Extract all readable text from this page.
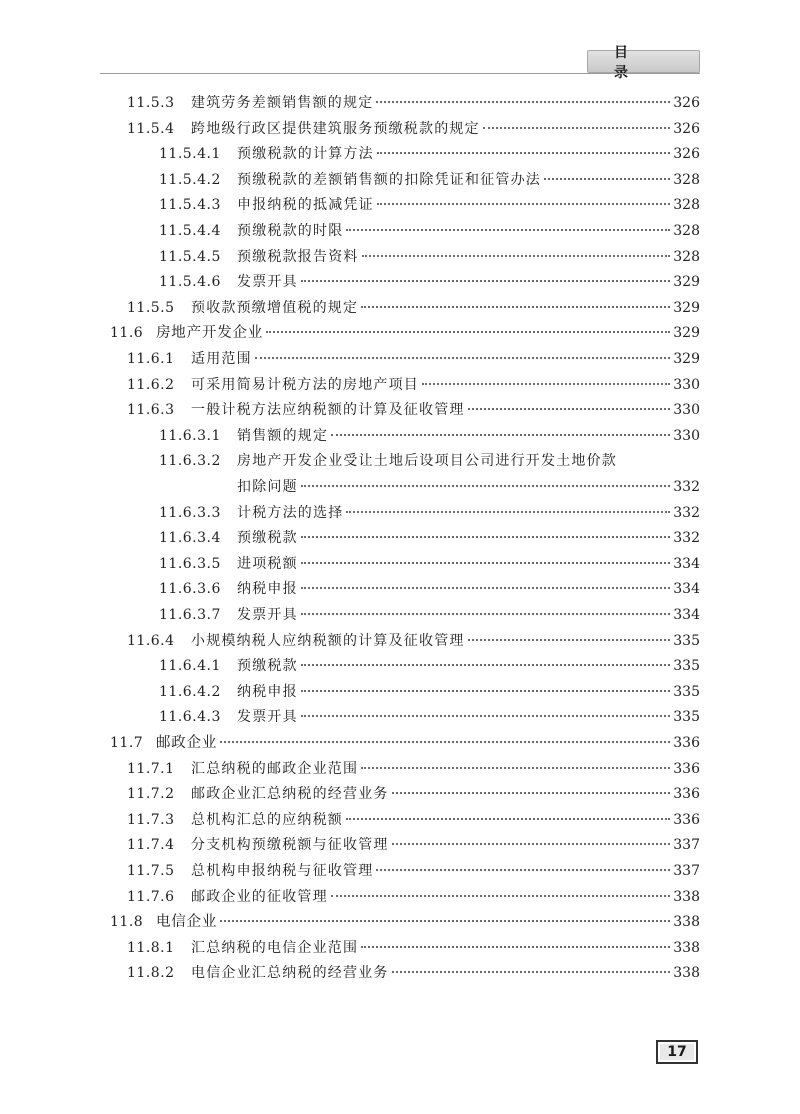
目 录
11.5.3	建筑劳务差额销售额的规定	326
11.5.4	跨地级行政区提供建筑服务预缴税款的规定	326
11.5.4.1	预缴税款的计算方法	326
11.5.4.2	预缴税款的差额销售额的扣除凭证和征管办法	328
11.5.4.3	申报纳税的抵减凭证	328
11.5.4.4	预缴税款的时限	328
11.5.4.5	预缴税款报告资料	328
11.5.4.6	发票开具	329
11.5.5	预收款预缴增值税的规定	329
11.6 房地产开发企业	329
11.6.1	适用范围	329
11.6.2	可采用简易计税方法的房地产项目	330
11.6.3	一般计税方法应纳税额的计算及征收管理	330
11.6.3.1	销售额的规定	330
11.6.3.2	房地产开发企业受让土地后设项目公司进行开发土地价款
扣除问题	332
11.6.3.3	计税方法的选择	332
11.6.3.4	预缴税款	332
11.6.3.5	进项税额	334
11.6.3.6	纳税申报	334
11.6.3.7	发票开具	334
11.6.4	小规模纳税人应纳税额的计算及征收管理	335
11.6.4.1	预缴税款	335
11.6.4.2	纳税申报	335
11.6.4.3	发票开具	335
11.7 邮政企业	336
11.7.1	汇总纳税的邮政企业范围	336
11.7.2	邮政企业汇总纳税的经营业务	336
11.7.3	总机构汇总的应纳税额	336
11.7.4	分支机构预缴税额与征收管理	337
11.7.5	总机构申报纳税与征收管理	337
11.7.6	邮政企业的征收管理	338
11.8 电信企业	338
11.8.1	汇总纳税的电信企业范围	338
11.8.2	电信企业汇总纳税的经营业务	338
17
